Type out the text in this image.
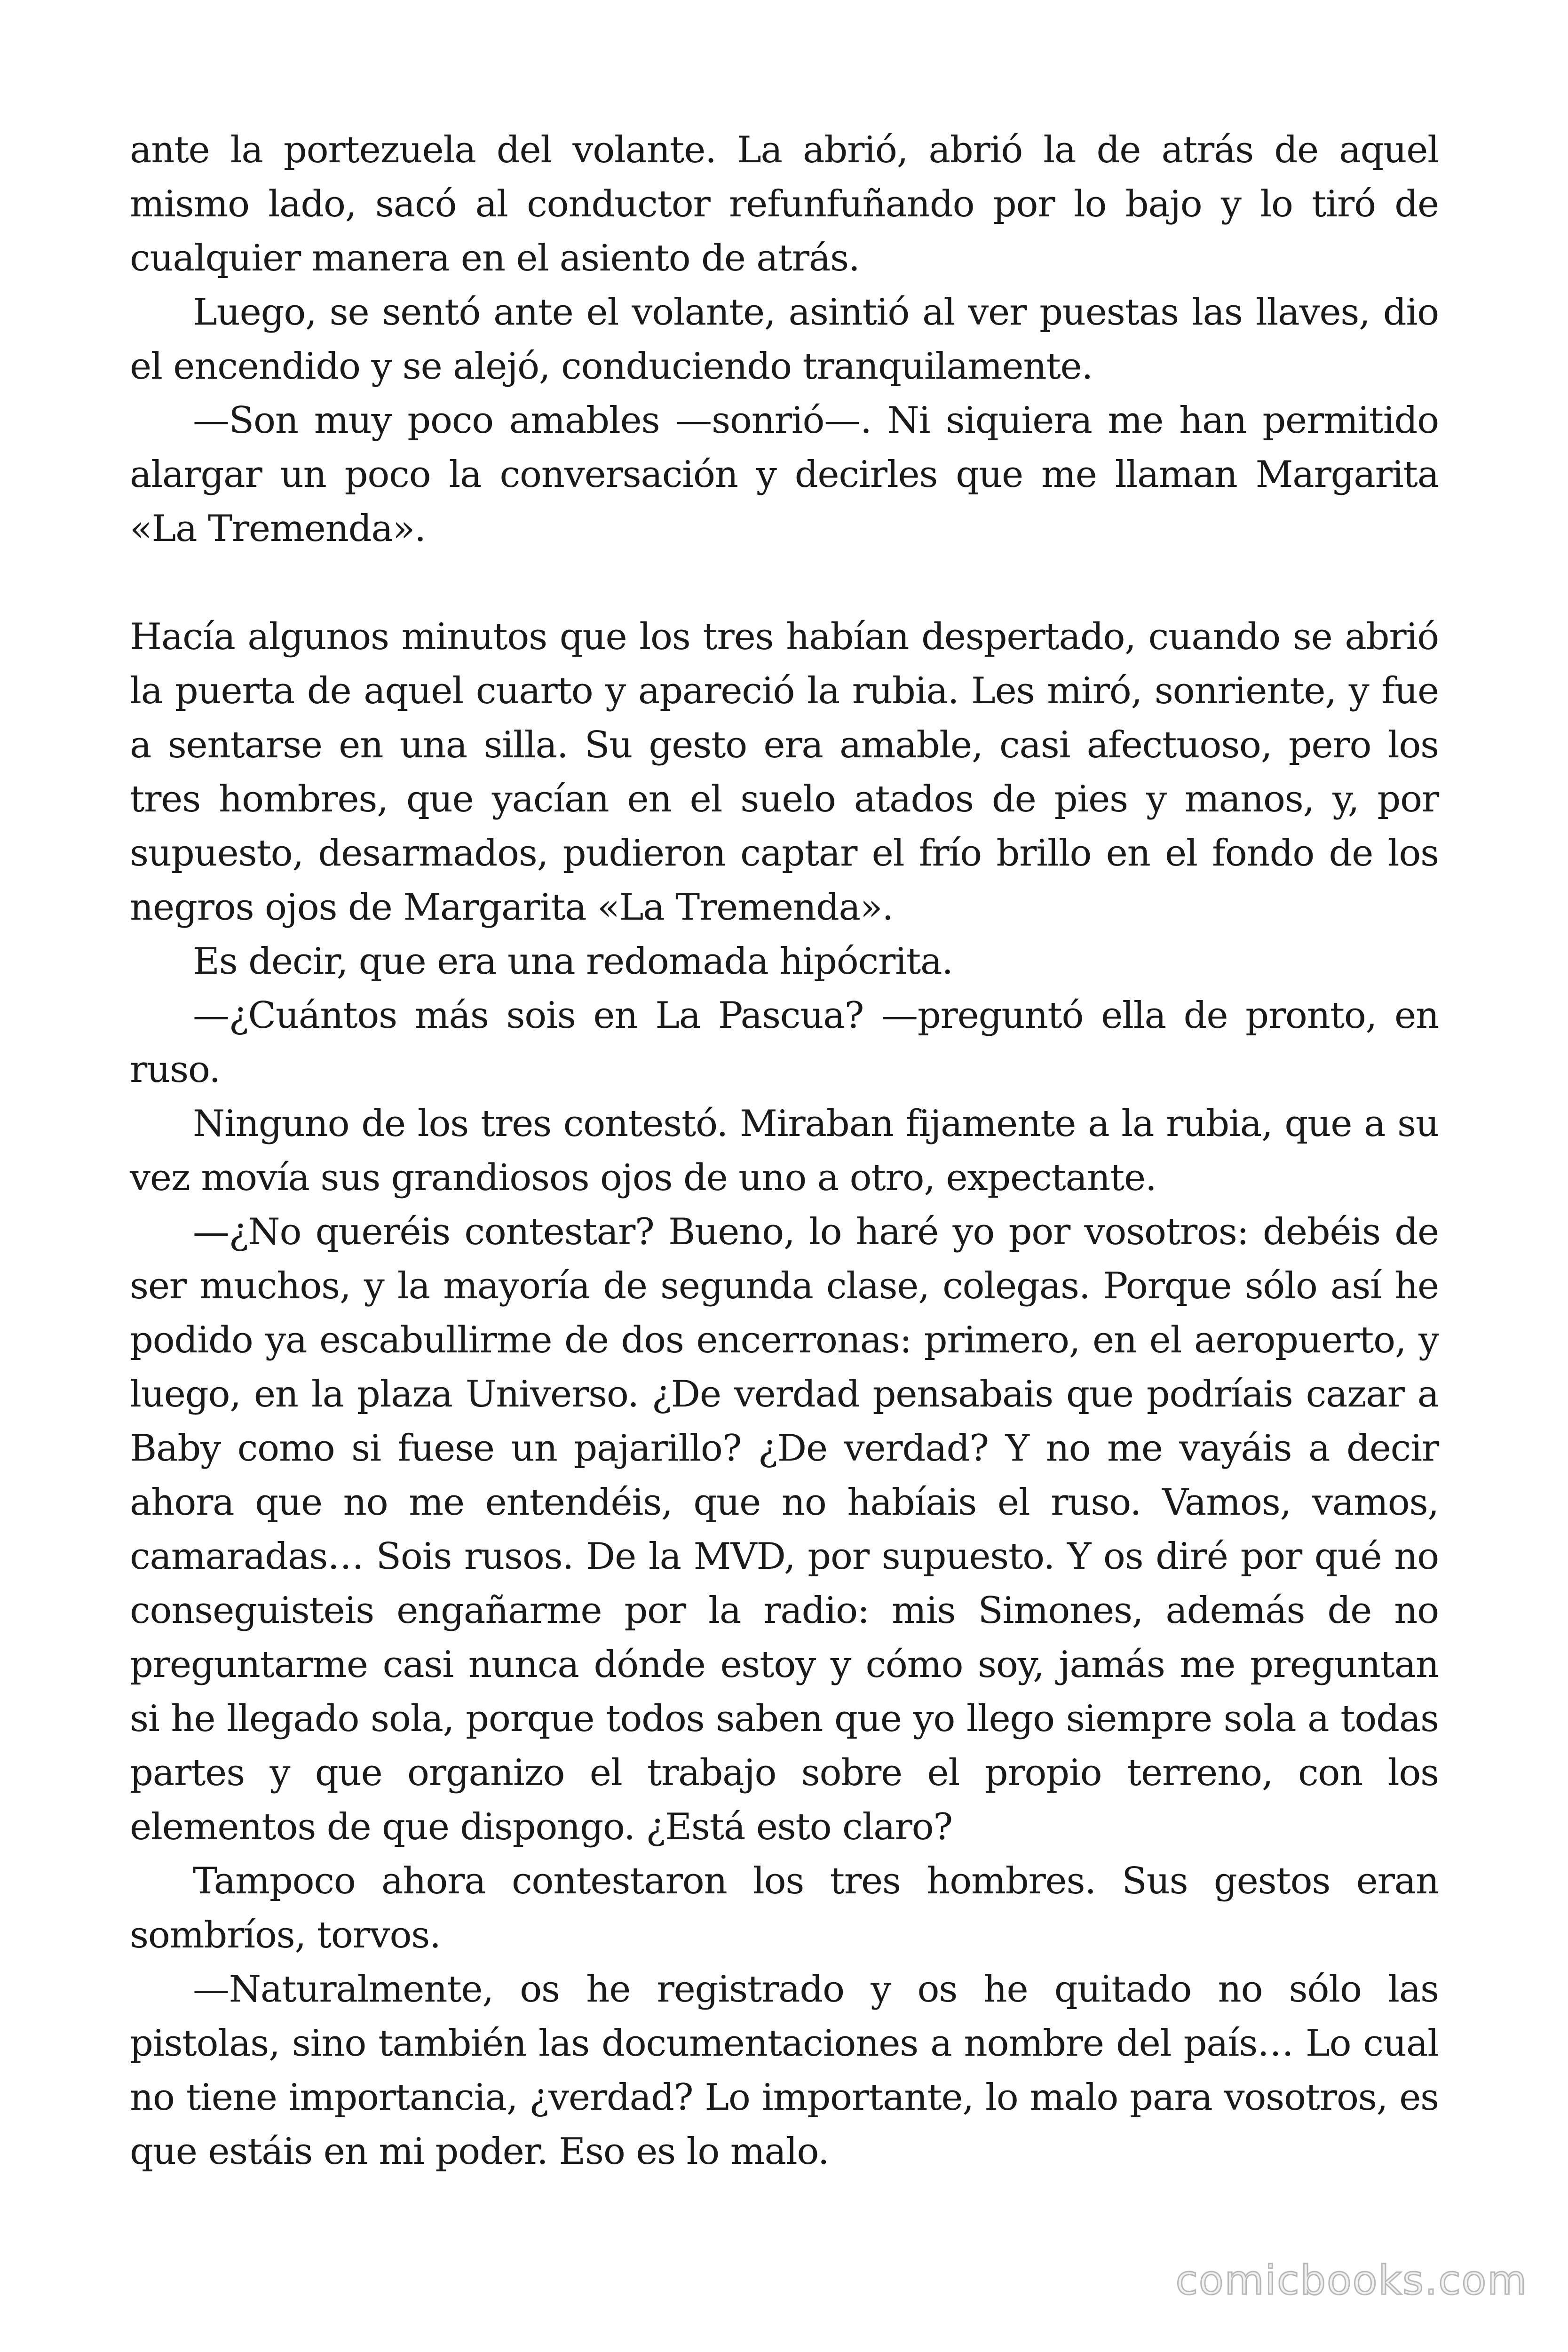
ante la portezuela del volante. La abrió, abrió la de atrás de aquel mismo lado, sacó al conductor refunfuñando por lo bajo y lo tiró de cualquier manera en el asiento de atrás.

Luego, se sentó ante el volante, asintió al ver puestas las llaves, dio el encendido y se alejó, conduciendo tranquilamente.

—Son muy poco amables —sonrió—. Ni siquiera me han permitido alargar un poco la conversación y decirles que me llaman Margarita «La Tremenda».

Hacía algunos minutos que los tres habían despertado, cuando se abrió la puerta de aquel cuarto y apareció la rubia. Les miró, sonriente, y fue a sentarse en una silla. Su gesto era amable, casi afectuoso, pero los tres hombres, que yacían en el suelo atados de pies y manos, y, por supuesto, desarmados, pudieron captar el frío brillo en el fondo de los negros ojos de Margarita «La Tremenda».

Es decir, que era una redomada hipócrita.

—¿Cuántos más sois en La Pascua? —preguntó ella de pronto, en ruso.

Ninguno de los tres contestó. Miraban fijamente a la rubia, que a su vez movía sus grandiosos ojos de uno a otro, expectante.

—¿No queréis contestar? Bueno, lo haré yo por vosotros: debéis de ser muchos, y la mayoría de segunda clase, colegas. Porque sólo así he podido ya escabullirme de dos encerronas: primero, en el aeropuerto, y luego, en la plaza Universo. ¿De verdad pensabais que podríais cazar a Baby como si fuese un pajarillo? ¿De verdad? Y no me vayáis a decir ahora que no me entendéis, que no habíais el ruso. Vamos, vamos, camaradas… Sois rusos. De la MVD, por supuesto. Y os diré por qué no conseguisteis engañarme por la radio: mis Simones, además de no preguntarme casi nunca dónde estoy y cómo soy, jamás me preguntan si he llegado sola, porque todos saben que yo llego siempre sola a todas partes y que organizo el trabajo sobre el propio terreno, con los elementos de que dispongo. ¿Está esto claro?

Tampoco ahora contestaron los tres hombres. Sus gestos eran sombríos, torvos.

—Naturalmente, os he registrado y os he quitado no sólo las pistolas, sino también las documentaciones a nombre del país… Lo cual no tiene importancia, ¿verdad? Lo importante, lo malo para vosotros, es que estáis en mi poder. Eso es lo malo.

comicbooks.com
